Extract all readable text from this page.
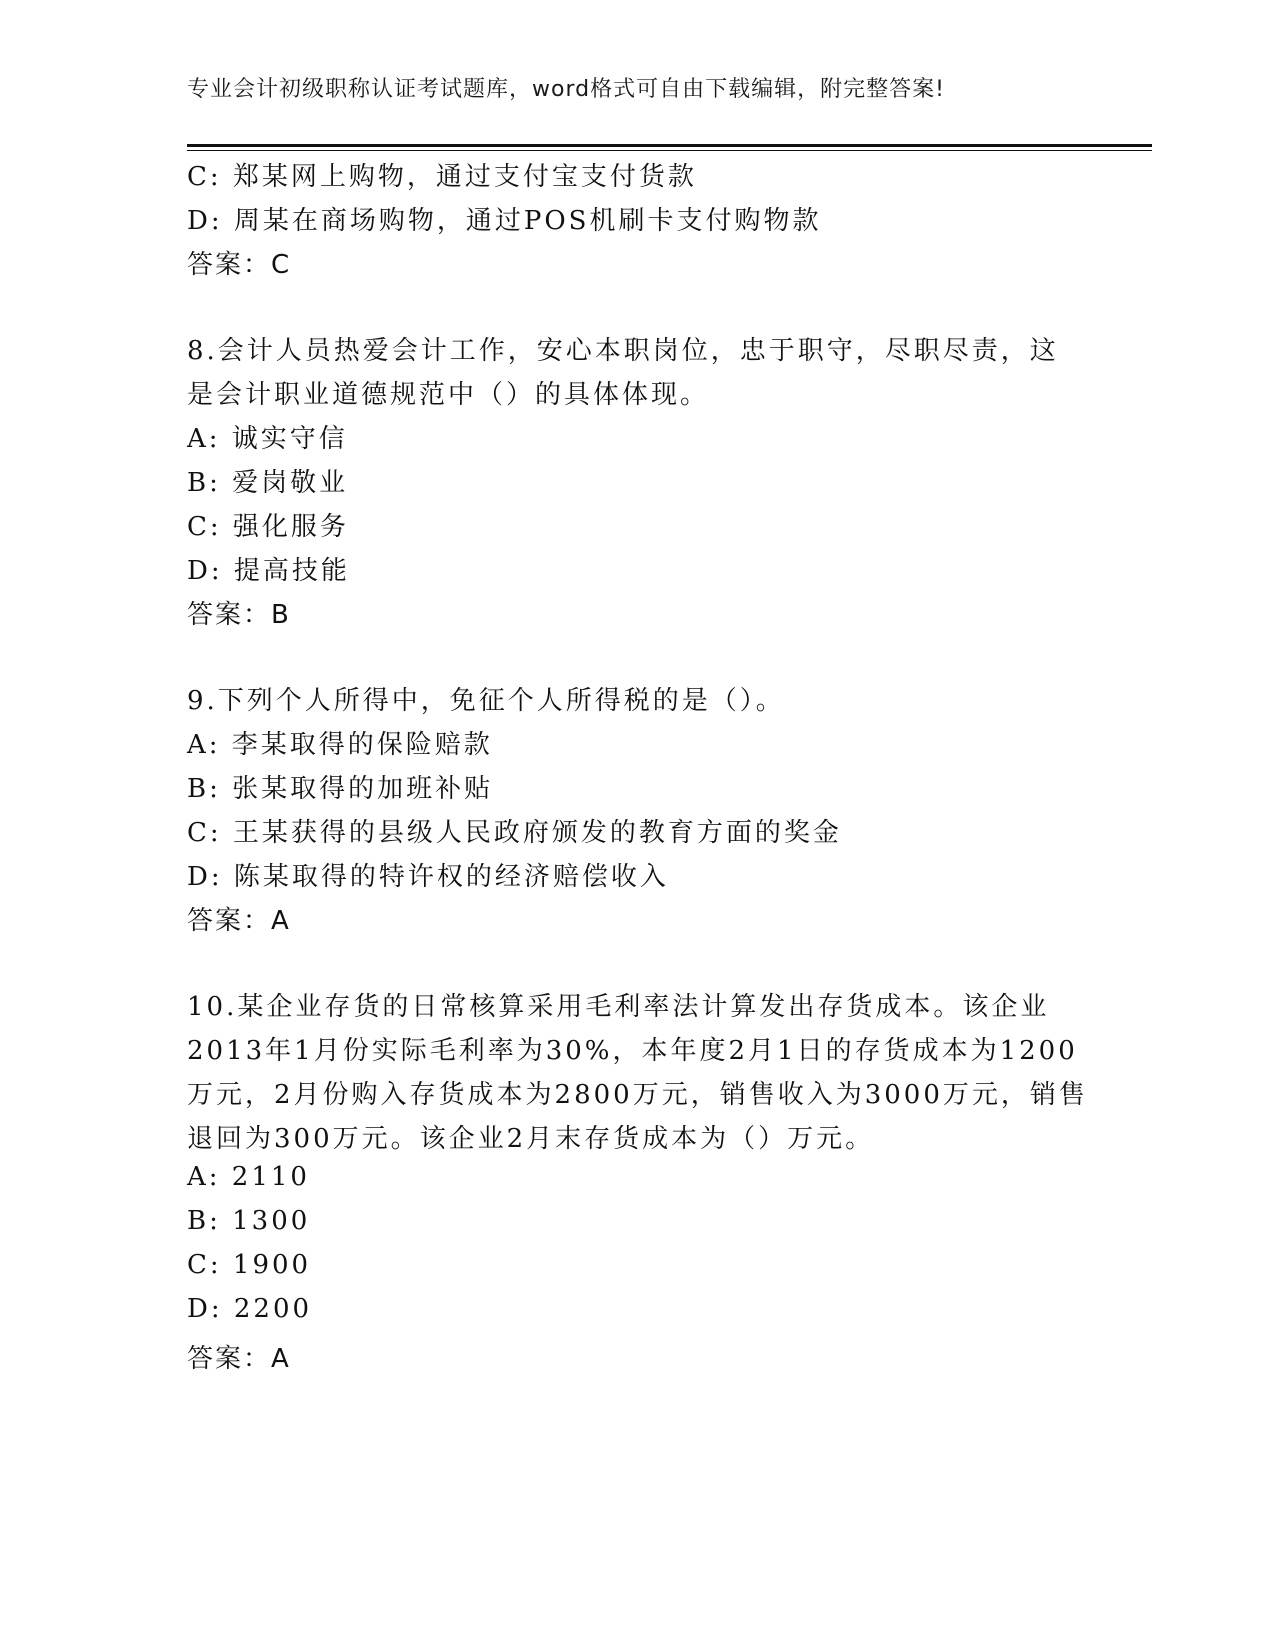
专业会计初级职称认证考试题库，word格式可自由下载编辑，附完整答案!
C: 郑某网上购物，通过支付宝支付货款
D: 周某在商场购物，通过POS机刷卡支付购物款
答案：C
8.会计人员热爱会计工作，安心本职岗位，忠于职守，尽职尽责，这
是会计职业道德规范中（）的具体体现。
A: 诚实守信
B: 爱岗敬业
C: 强化服务
D: 提高技能
答案：B
9.下列个人所得中，免征个人所得税的是（）。
A: 李某取得的保险赔款
B: 张某取得的加班补贴
C: 王某获得的县级人民政府颁发的教育方面的奖金
D: 陈某取得的特许权的经济赔偿收入
答案：A
10.某企业存货的日常核算采用毛利率法计算发出存货成本。该企业
2013年1月份实际毛利率为30%，本年度2月1日的存货成本为1200
万元，2月份购入存货成本为2800万元，销售收入为3000万元，销售
退回为300万元。该企业2月末存货成本为（）万元。
A: 2110
B: 1300
C: 1900
D: 2200
答案：A
